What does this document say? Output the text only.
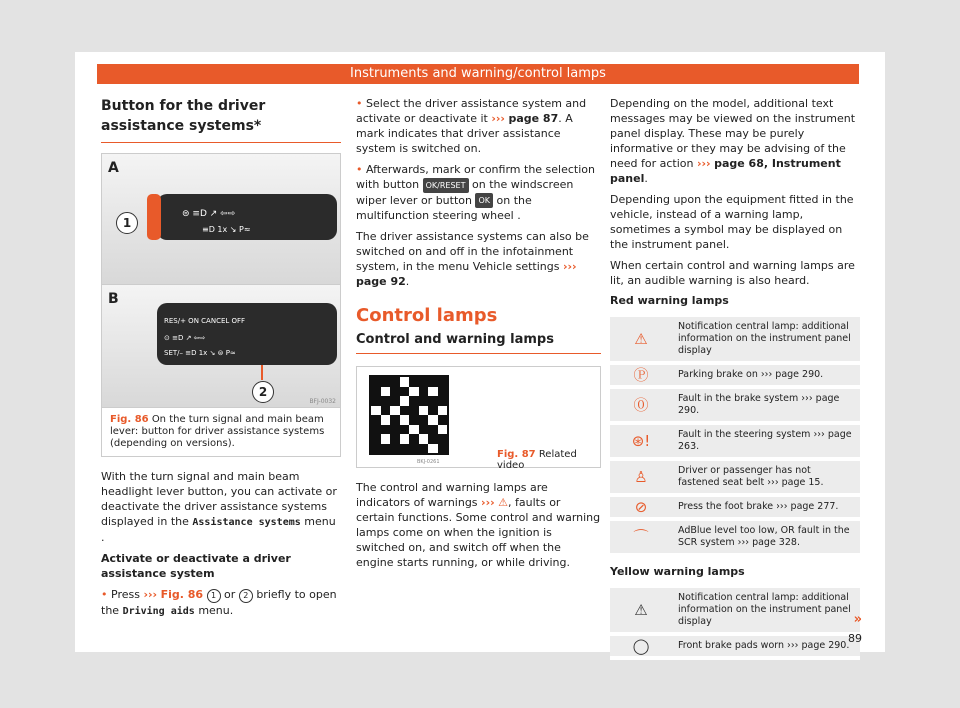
Instruments and warning/control lamps
Button for the driver assistance systems*
A
⊜ ≡D ↗ ⇦⇨
≡D 1x ↘ P≈
1
B
RES/+ ON CANCEL OFF
⊙ ≡D ↗ ⇦⇨
SET/– ≡D 1x ↘ ⊜ P≈
2
BFJ-0032
Fig. 86 On the turn signal and main beam lever: button for driver assistance systems (depending on versions).

With the turn signal and main beam headlight lever button, you can activate or deactivate the driver assistance systems displayed in the Assistance systems menu .

Activate or deactivate a driver assistance system

• Press ››› Fig. 86 1 or 2 briefly to open the Driving aids menu.

• Select the driver assistance system and activate or deactivate it ››› page 87. A mark indicates that driver assistance system is switched on.

• Afterwards, mark or confirm the selection with button OK/RESET on the windscreen wiper lever or button OK on the multifunction steering wheel .

The driver assistance systems can also be switched on and off in the infotainment system, in the menu Vehicle settings ››› page 92.

Control lamps
Control and warning lamps
BKJ-0261
Fig. 87 Related video

The control and warning lamps are indicators of warnings ››› ⚠, faults or certain functions. Some control and warning lamps come on when the ignition is switched on, and switch off when the engine starts running, or while driving.

Depending on the model, additional text messages may be viewed on the instrument panel display. These may be purely informative or they may be advising of the need for action ››› page 68, Instrument panel.

Depending upon the equipment fitted in the vehicle, instead of a warning lamp, sometimes a symbol may be displayed on the instrument panel.

When certain control and warning lamps are lit, an audible warning is also heard.

Red warning lamps
⚠	Notification central lamp: additional information on the instrument panel display
Ⓟ	Parking brake on ››› page 290.
⓪	Fault in the brake system ››› page 290.
⊛!	Fault in the steering system ››› page 263.
♙	Driver or passenger has not fastened seat belt ››› page 15.
⊘	Press the foot brake ››› page 277.
⌒	AdBlue level too low, OR fault in the SCR system ››› page 328.
Yellow warning lamps
⚠	Notification central lamp: additional information on the instrument panel display
◯	Front brake pads worn ››› page 290.
»
89
